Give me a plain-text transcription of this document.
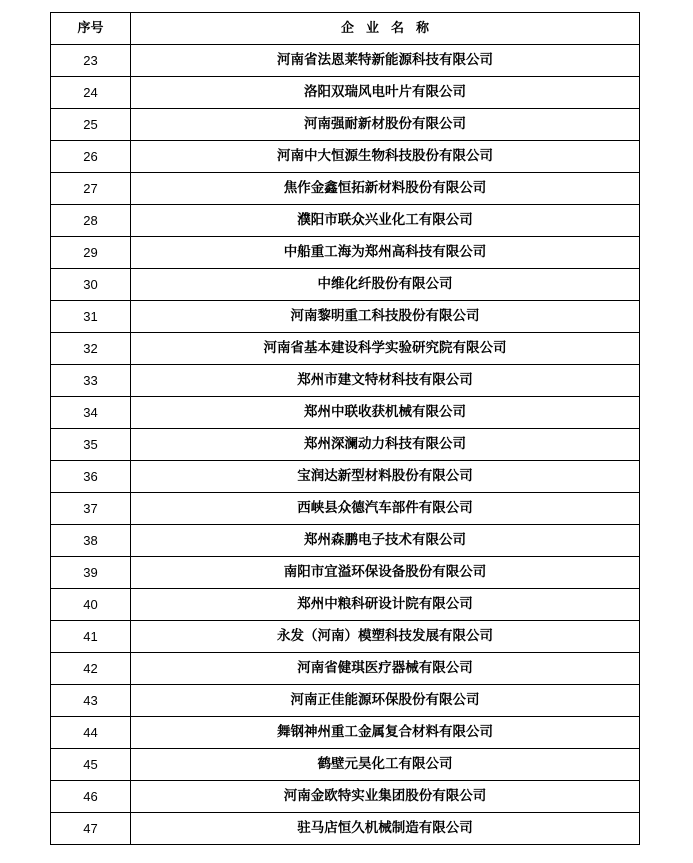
序号	企业名称
23	河南省法恩莱特新能源科技有限公司
24	洛阳双瑞风电叶片有限公司
25	河南强耐新材股份有限公司
26	河南中大恒源生物科技股份有限公司
27	焦作金鑫恒拓新材料股份有限公司
28	濮阳市联众兴业化工有限公司
29	中船重工海为郑州高科技有限公司
30	中维化纤股份有限公司
31	河南黎明重工科技股份有限公司
32	河南省基本建设科学实验研究院有限公司
33	郑州市建文特材科技有限公司
34	郑州中联收获机械有限公司
35	郑州深澜动力科技有限公司
36	宝润达新型材料股份有限公司
37	西峡县众德汽车部件有限公司
38	郑州森鹏电子技术有限公司
39	南阳市宜溢环保设备股份有限公司
40	郑州中粮科研设计院有限公司
41	永发（河南）模塑科技发展有限公司
42	河南省健琪医疗器械有限公司
43	河南正佳能源环保股份有限公司
44	舞钢神州重工金属复合材料有限公司
45	鹤壁元昊化工有限公司
46	河南金欧特实业集团股份有限公司
47	驻马店恒久机械制造有限公司
